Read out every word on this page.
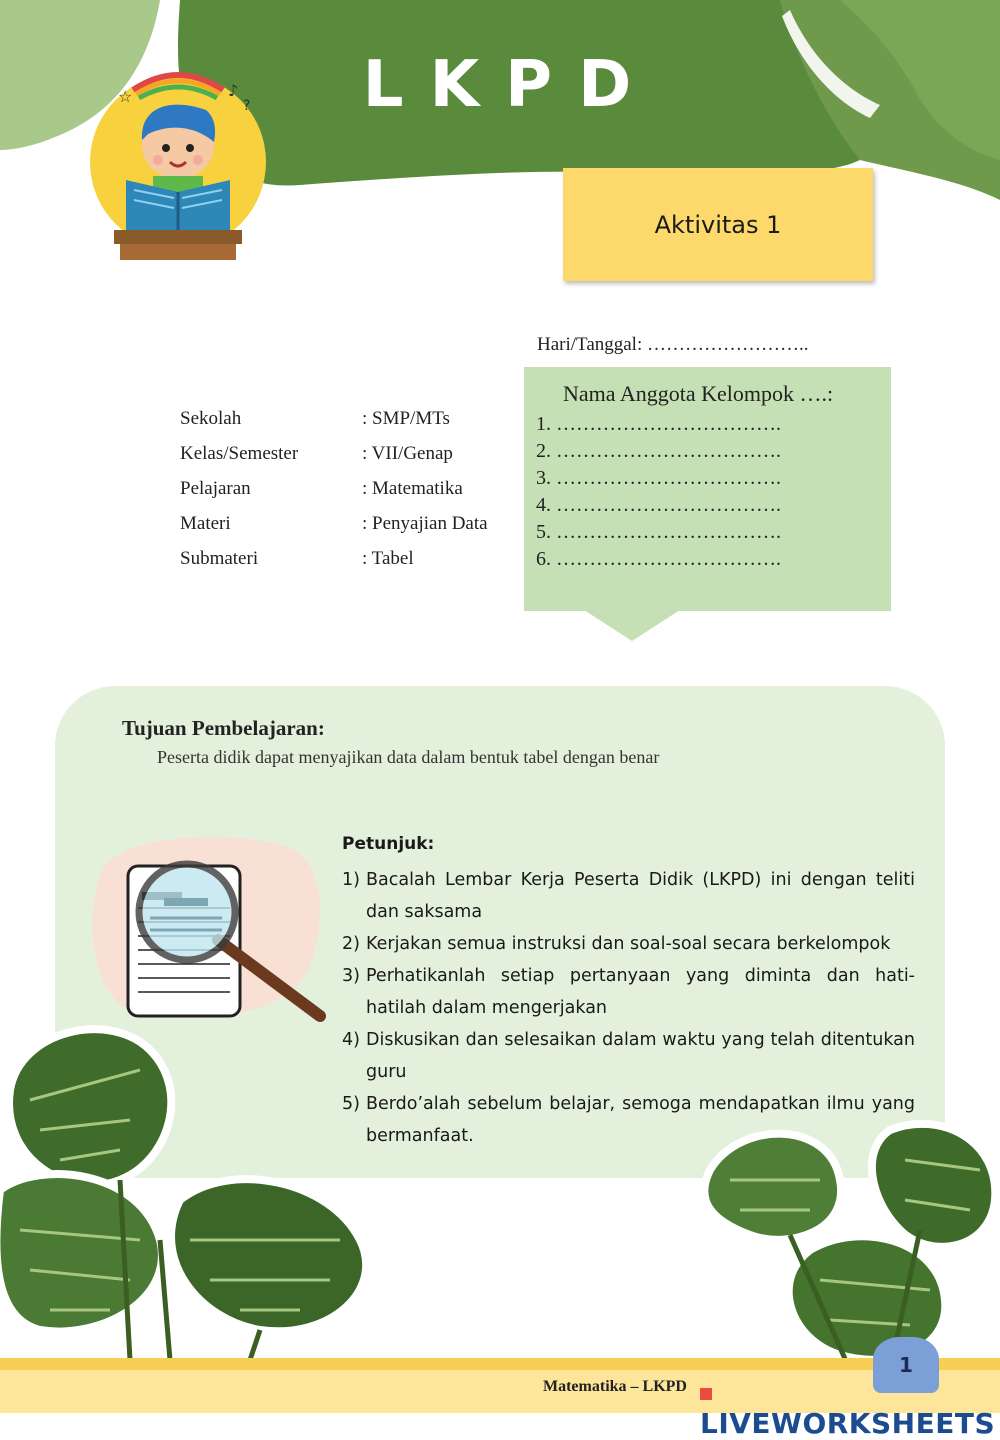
LKPD
☆	♪
?
Aktivitas 1
Hari/Tanggal: ……………………..
Sekolah	: SMP/MTs
Kelas/Semester	: VII/Genap
Pelajaran	: Matematika
Materi	: Penyajian Data
Submateri	: Tabel
Nama Anggota Kelompok ….:
1. …………………………….
2. …………………………….
3. …………………………….
4. …………………………….
5. …………………………….
6. …………………………….
Tujuan Pembelajaran:
Peserta didik dapat menyajikan data dalam bentuk tabel dengan benar
Petunjuk:
1) Bacalah Lembar Kerja Peserta Didik (LKPD) ini dengan teliti dan saksama
2) Kerjakan semua instruksi dan soal-soal secara berkelompok
3) Perhatikanlah setiap pertanyaan yang diminta dan hati-hatilah dalam mengerjakan
4) Diskusikan dan selesaikan dalam waktu yang telah ditentukan guru
5) Berdo’alah sebelum belajar, semoga mendapatkan ilmu yang bermanfaat.
1
Matematika – LKPD
LIVEWORKSHEETS
